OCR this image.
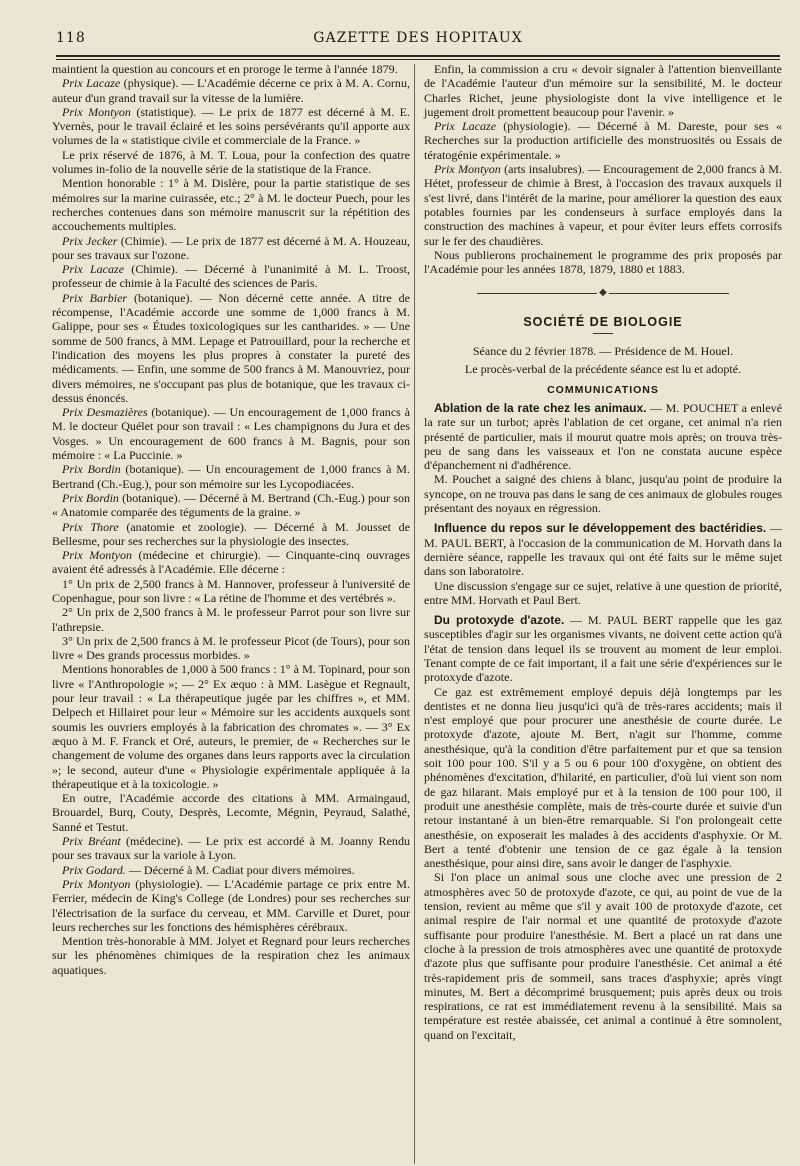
118	GAZETTE DES HOPITAUX

maintient la question au concours et en proroge le terme à l'année 1879.

Prix Lacaze (physique). — L'Académie décerne ce prix à M. A. Cornu, auteur d'un grand travail sur la vitesse de la lumière.

Prix Montyon (statistique). — Le prix de 1877 est décerné à M. E. Yvernès, pour le travail éclairé et les soins persévérants qu'il apporte aux volumes de la « statistique civile et commerciale de la France. »

Le prix réservé de 1876, à M. T. Loua, pour la confection des quatre volumes in-folio de la nouvelle série de la statistique de la France.

Mention honorable : 1° à M. Dislère, pour la partie statistique de ses mémoires sur la marine cuirassée, etc.; 2° à M. le docteur Puech, pour les recherches contenues dans son mémoire manuscrit sur la répétition des accouchements multiples.

Prix Jecker (Chimie). — Le prix de 1877 est décerné à M. A. Houzeau, pour ses travaux sur l'ozone.

Prix Lacaze (Chimie). — Décerné à l'unanimité à M. L. Troost, professeur de chimie à la Faculté des sciences de Paris.

Prix Barbier (botanique). — Non décerné cette année. A titre de récompense, l'Académie accorde une somme de 1,000 francs à M. Galippe, pour ses « Études toxicologiques sur les cantharides. » — Une somme de 500 francs, à MM. Lepage et Patrouillard, pour la recherche et l'indication des moyens les plus propres à constater la pureté des médicaments. — Enfin, une somme de 500 francs à M. Manouvriez, pour divers mémoires, ne s'occupant pas plus de botanique, que les travaux ci-dessus énoncés.

Prix Desmazières (botanique). — Un encouragement de 1,000 francs à M. le docteur Quélet pour son travail : « Les champignons du Jura et des Vosges. » Un encouragement de 600 francs à M. Bagnis, pour son mémoire : « La Puccinie. »

Prix Bordin (botanique). — Un encouragement de 1,000 francs à M. Bertrand (Ch.-Eug.), pour son mémoire sur les Lycopodiacées.

Prix Bordin (botanique). — Décerné à M. Bertrand (Ch.-Eug.) pour son « Anatomie comparée des téguments de la graine. »

Prix Thore (anatomie et zoologie). — Décerné à M. Jousset de Bellesme, pour ses recherches sur la physiologie des insectes.

Prix Montyon (médecine et chirurgie). — Cinquante-cinq ouvrages avaient été adressés à l'Académie. Elle décerne :

1° Un prix de 2,500 francs à M. Hannover, professeur à l'université de Copenhague, pour son livre : « La rétine de l'homme et des vertébrés ».

2° Un prix de 2,500 francs à M. le professeur Parrot pour son livre sur l'athrepsie.

3° Un prix de 2,500 francs à M. le professeur Picot (de Tours), pour son livre « Des grands processus morbides. »

Mentions honorables de 1,000 à 500 francs : 1° à M. Topinard, pour son livre « l'Anthropologie »; — 2° Ex æquo : à MM. Lasègue et Regnault, pour leur travail : « La thérapeutique jugée par les chiffres », et MM. Delpech et Hillairet pour leur « Mémoire sur les accidents auxquels sont soumis les ouvriers employés à la fabrication des chromates ». — 3° Ex æquo à M. F. Franck et Oré, auteurs, le premier, de « Recherches sur le changement de volume des organes dans leurs rapports avec la circulation »; le second, auteur d'une « Physiologie expérimentale appliquée à la thérapeutique et à la toxicologie. »

En outre, l'Académie accorde des citations à MM. Armaingaud, Brouardel, Burq, Couty, Desprès, Lecomte, Mégnin, Peyraud, Salathé, Sanné et Testut.

Prix Bréant (médecine). — Le prix est accordé à M. Joanny Rendu pour ses travaux sur la variole à Lyon.

Prix Godard. — Décerné à M. Cadiat pour divers mémoires.

Prix Montyon (physiologie). — L'Académie partage ce prix entre M. Ferrier, médecin de King's College (de Londres) pour ses recherches sur l'électrisation de la surface du cerveau, et MM. Carville et Duret, pour leurs recherches sur les fonctions des hémisphères cérébraux.

Mention très-honorable à MM. Jolyet et Regnard pour leurs recherches sur les phénomènes chimiques de la respiration chez les animaux aquatiques.

Enfin, la commission a cru « devoir signaler à l'attention bienveillante de l'Académie l'auteur d'un mémoire sur la sensibilité, M. le docteur Charles Richet, jeune physiologiste dont la vive intelligence et le jugement droit promettent beaucoup pour l'avenir. »

Prix Lacaze (physiologie). — Décerné à M. Dareste, pour ses « Recherches sur la production artificielle des monstruosités ou Essais de tératogénie expérimentale. »

Prix Montyon (arts insalubres). — Encouragement de 2,000 francs à M. Hétet, professeur de chimie à Brest, à l'occasion des travaux auxquels il s'est livré, dans l'intérêt de la marine, pour améliorer la question des eaux potables fournies par les condenseurs à surface employés dans la construction des machines à vapeur, et pour éviter leurs effets corrosifs sur le fer des chaudières.

Nous publierons prochainement le programme des prix proposés par l'Académie pour les années 1878, 1879, 1880 et 1883.

◆
SOCIÉTÉ DE BIOLOGIE
Séance du 2 février 1878. — Présidence de M. Houel.
Le procès-verbal de la précédente séance est lu et adopté.
COMMUNICATIONS

Ablation de la rate chez les animaux. — M. POUCHET a enlevé la rate sur un turbot; après l'ablation de cet organe, cet animal n'a rien présenté de particulier, mais il mourut quatre mois après; on trouva très-peu de sang dans les vaisseaux et l'on ne constata aucune espèce d'épanchement ni d'adhérence.

M. Pouchet a saigné des chiens à blanc, jusqu'au point de produire la syncope, on ne trouva pas dans le sang de ces animaux de globules rouges présentant des noyaux en régression.

Influence du repos sur le développement des bactéridies. — M. PAUL BERT, à l'occasion de la communication de M. Horvath dans la dernière séance, rappelle les travaux qui ont été faits sur le même sujet dans son laboratoire.

Une discussion s'engage sur ce sujet, relative à une question de priorité, entre MM. Horvath et Paul Bert.

Du protoxyde d'azote. — M. PAUL BERT rappelle que les gaz susceptibles d'agir sur les organismes vivants, ne doivent cette action qu'à l'état de tension dans lequel ils se trouvent au moment de leur emploi. Tenant compte de ce fait important, il a fait une série d'expériences sur le protoxyde d'azote.

Ce gaz est extrêmement employé depuis déjà longtemps par les dentistes et ne donna lieu jusqu'ici qu'à de très-rares accidents; mais il n'est employé que pour procurer une anesthésie de courte durée. Le protoxyde d'azote, ajoute M. Bert, n'agit sur l'homme, comme anesthésique, qu'à la condition d'être parfaitement pur et que sa tension soit 100 pour 100. S'il y a 5 ou 6 pour 100 d'oxygène, on obtient des phénomènes d'excitation, d'hilarité, en particulier, d'où lui vient son nom de gaz hilarant. Mais employé pur et à la tension de 100 pour 100, il produit une anesthésie complète, mais de très-courte durée et suivie d'un retour instantané à un bien-être remarquable. Si l'on prolongeait cette anesthésie, on exposerait les malades à des accidents d'asphyxie. Or M. Bert a tenté d'obtenir une tension de ce gaz égale à la tension anesthésique, pour ainsi dire, sans avoir le danger de l'asphyxie.

Si l'on place un animal sous une cloche avec une pression de 2 atmosphères avec 50 de protoxyde d'azote, ce qui, au point de vue de la tension, revient au même que s'il y avait 100 de protoxyde d'azote, cet animal respire de l'air normal et une quantité de protoxyde d'azote suffisante pour produire l'anesthésie. M. Bert a placé un rat dans une cloche à la pression de trois atmosphères avec une quantité de protoxyde d'azote plus que suffisante pour produire l'anesthésie. Cet animal a été très-rapidement pris de sommeil, sans traces d'asphyxie; après vingt minutes, M. Bert a décomprimé brusquement; puis après deux ou trois respirations, ce rat est immédiatement revenu à la sensibilité. Mais sa température est restée abaissée, cet animal a continué à être somnolent, quand on l'excitait,
